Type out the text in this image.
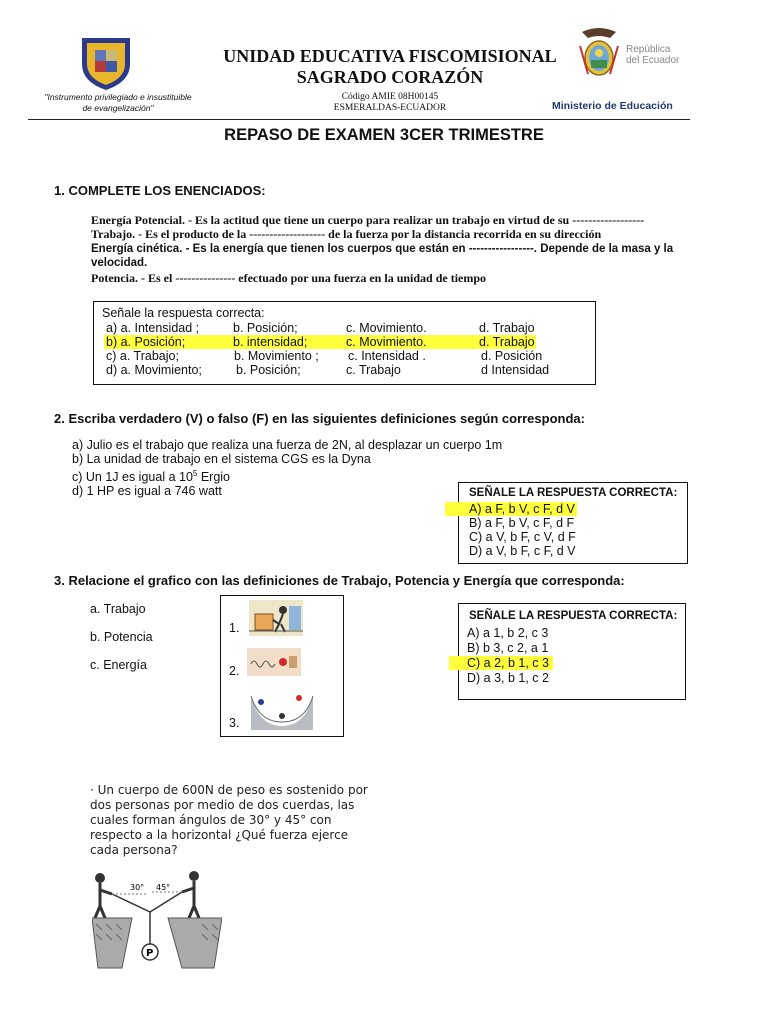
"Instrumento privilegiado e insustituible
de evangelización"
UNIDAD EDUCATIVA FISCOMISIONAL
SAGRADO CORAZÓN
Código AMIE 08H00145
ESMERALDAS-ECUADOR
República
del Ecuador
Ministerio de Educación
REPASO DE EXAMEN 3CER TRIMESTRE
1. COMPLETE LOS ENENCIADOS:
Energía Potencial. - Es la actitud que tiene un cuerpo para realizar un trabajo en virtud de su ------------------
Trabajo. - Es el producto de la ------------------- de la fuerza por la distancia recorrida en su dirección
Energía cinética. - Es la energía que tienen los cuerpos que están en -----------------. Depende de la masa y la
velocidad.
Potencia. - Es el --------------- efectuado por una fuerza en la unidad de tiempo
Señale la respuesta correcta:
a) a. Intensidad ;	b. Posición;	c. Movimiento.	d. Trabajo
b) a. Posición;	b. intensidad;	c. Movimiento.	d. Trabajo
c) a. Trabajo;	b. Movimiento ; c. Intensidad .	d. Posición
d) a. Movimiento;	b. Posición;	c. Trabajo	d Intensidad
2. Escriba verdadero (V) o falso (F) en las siguientes definiciones según corresponda:
a) Julio es el trabajo que realiza una fuerza de 2N, al desplazar un cuerpo 1m
b) La unidad de trabajo en el sistema CGS es la Dyna
c) Un 1J es igual a $10^5$ Ergio
d) 1 HP es igual a 746 watt	SEÑALE LA RESPUESTA CORRECTA:
A) a F, b V, c F, d V
B) a F, b V, c F, d F
C) a V, b F, c V, d F
D) a V, b F, c F, d V
3. Relacione el grafico con las definiciones de Trabajo, Potencia y Energía que corresponda:
a. Trabajo
b. Potencia
c. Energía
1.
2.
3.
SEÑALE LA RESPUESTA CORRECTA:
A) a 1, b 2, c 3
B) b 3, c 2, a 1
C) a 2, b 1, c 3
D) a 3, b 1, c 2
· Un cuerpo de 600N de peso es sostenido por
dos personas por medio de dos cuerdas, las
cuales forman ángulos de 30° y 45° con
respecto a la horizontal ¿Qué fuerza ejerce
cada persona?
30° 45°
P
